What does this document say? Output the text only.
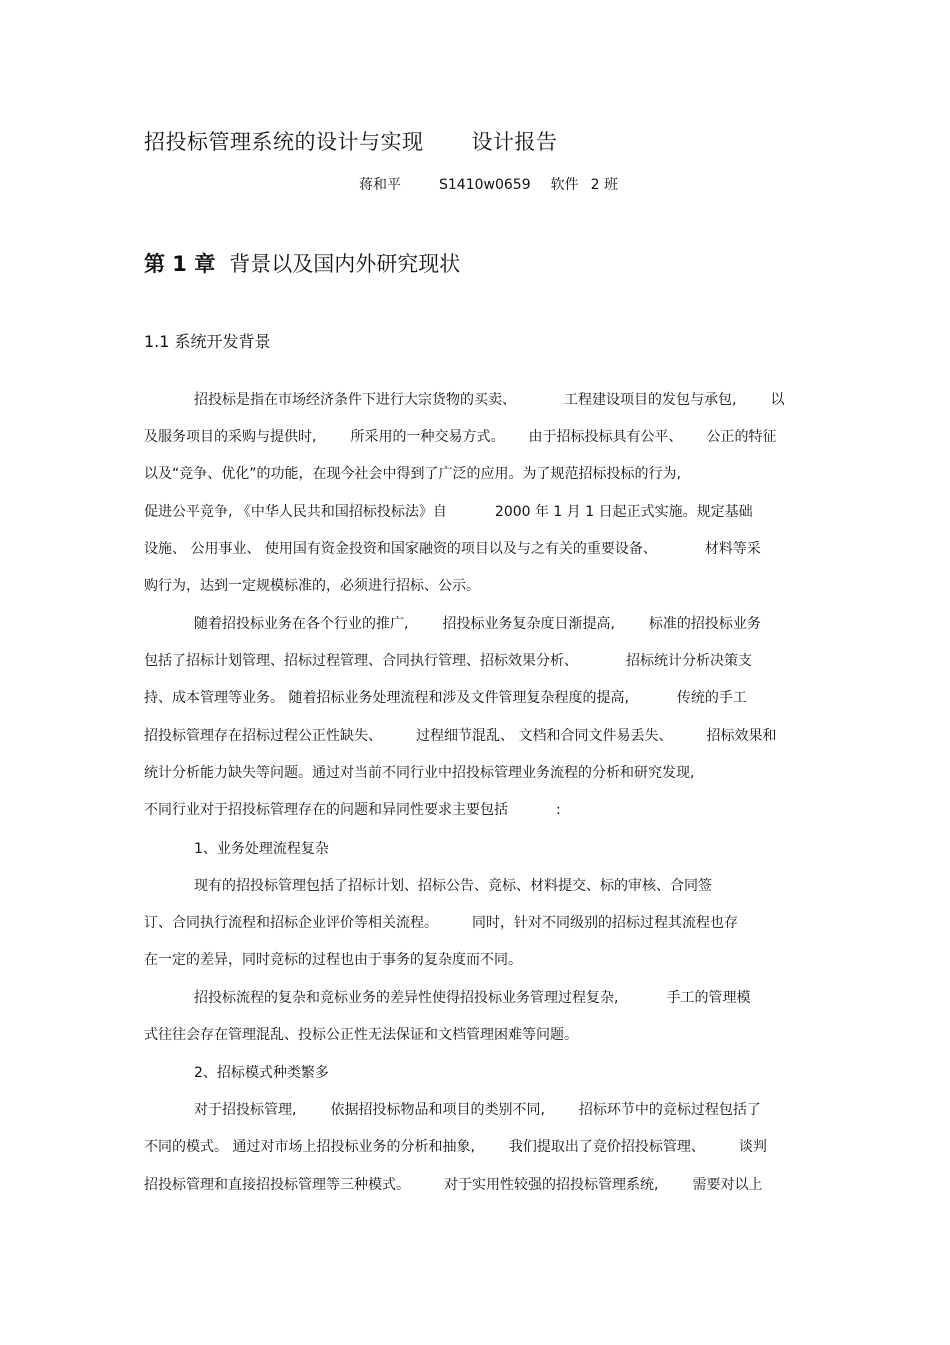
招投标管理系统的设计与实现 设计报告
蒋和平	S1410w0659 软件 2 班
第 1 章 背景以及国内外研究现状
1.1 系统开发背景
招投标是指在市场经济条件下进行大宗货物的买卖、	工程建设项目的发包与承包, 以
及服务项目的采购与提供时, 所采用的一种交易方式。 由于招标投标具有公平、 公正的特征
以及“竞争、优化”的功能，在现今社会中得到了广泛的应用。为了规范招标投标的行为,
促进公平竞争, 《中华人民共和国招标投标法》自	2000 年 1 月 1 日起正式实施。规定基础
设施、 公用事业、 使用国有资金投资和国家融资的项目以及与之有关的重要设备、	材料等采
购行为，达到一定规模标准的，必须进行招标、公示。
随着招投标业务在各个行业的推广, 招投标业务复杂度日渐提高, 标准的招投标业务
包括了招标计划管理、招标过程管理、合同执行管理、招标效果分析、	招标统计分析决策支
持、成本管理等业务。 随着招标业务处理流程和涉及文件管理复杂程度的提高,	传统的手工
招投标管理存在招标过程公正性缺失、 过程细节混乱、 文档和合同文件易丢失、 招标效果和
统计分析能力缺失等问题。通过对当前不同行业中招投标管理业务流程的分析和研究发现,
不同行业对于招投标管理存在的问题和异同性要求主要包括	:
1、业务处理流程复杂
现有的招投标管理包括了招标计划、招标公告、竞标、材料提交、标的审核、合同签
订、合同执行流程和招标企业评价等相关流程。 同时，针对不同级别的招标过程其流程也存
在一定的差异，同时竞标的过程也由于事务的复杂度而不同。
招投标流程的复杂和竞标业务的差异性使得招投标业务管理过程复杂,	手工的管理模
式往往会存在管理混乱、投标公正性无法保证和文档管理困难等问题。
2、招标模式种类繁多
对于招投标管理, 依据招投标物品和项目的类别不同, 招标环节中的竞标过程包括了
不同的模式。 通过对市场上招投标业务的分析和抽象, 我们提取出了竞价招投标管理、 谈判
招投标管理和直接招投标管理等三种模式。 对于实用性较强的招投标管理系统, 需要对以上
